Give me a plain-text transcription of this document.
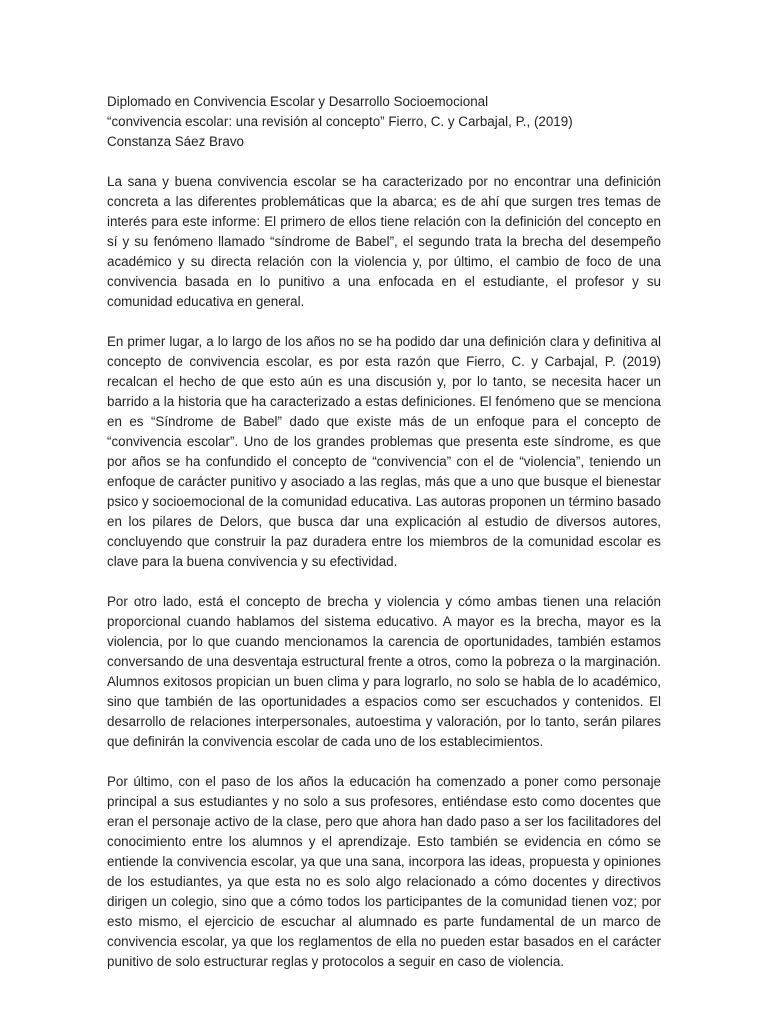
Diplomado en Convivencia Escolar y Desarrollo Socioemocional
“convivencia escolar: una revisión al concepto” Fierro, C. y Carbajal, P., (2019)
Constanza Sáez Bravo

La sana y buena convivencia escolar se ha caracterizado por no encontrar una definición concreta a las diferentes problemáticas que la abarca; es de ahí que surgen tres temas de interés para este informe: El primero de ellos tiene relación con la definición del concepto en sí y su fenómeno llamado “síndrome de Babel”, el segundo trata la brecha del desempeño académico y su directa relación con la violencia y, por último, el cambio de foco de una convivencia basada en lo punitivo a una enfocada en el estudiante, el profesor y su comunidad educativa en general.

En primer lugar, a lo largo de los años no se ha podido dar una definición clara y definitiva al concepto de convivencia escolar, es por esta razón que Fierro, C. y Carbajal, P. (2019) recalcan el hecho de que esto aún es una discusión y, por lo tanto, se necesita hacer un barrido a la historia que ha caracterizado a estas definiciones. El fenómeno que se menciona en es “Síndrome de Babel” dado que existe más de un enfoque para el concepto de “convivencia escolar”. Uno de los grandes problemas que presenta este síndrome, es que por años se ha confundido el concepto de “convivencia” con el de “violencia”, teniendo un enfoque de carácter punitivo y asociado a las reglas, más que a uno que busque el bienestar psico y socioemocional de la comunidad educativa. Las autoras proponen un término basado en los pilares de Delors, que busca dar una explicación al estudio de diversos autores, concluyendo que construir la paz duradera entre los miembros de la comunidad escolar es clave para la buena convivencia y su efectividad.

Por otro lado, está el concepto de brecha y violencia y cómo ambas tienen una relación proporcional cuando hablamos del sistema educativo. A mayor es la brecha, mayor es la violencia, por lo que cuando mencionamos la carencia de oportunidades, también estamos conversando de una desventaja estructural frente a otros, como la pobreza o la marginación. Alumnos exitosos propician un buen clima y para lograrlo, no solo se habla de lo académico, sino que también de las oportunidades a espacios como ser escuchados y contenidos. El desarrollo de relaciones interpersonales, autoestima y valoración, por lo tanto, serán pilares que definirán la convivencia escolar de cada uno de los establecimientos.

Por último, con el paso de los años la educación ha comenzado a poner como personaje principal a sus estudiantes y no solo a sus profesores, entiéndase esto como docentes que eran el personaje activo de la clase, pero que ahora han dado paso a ser los facilitadores del conocimiento entre los alumnos y el aprendizaje. Esto también se evidencia en cómo se entiende la convivencia escolar, ya que una sana, incorpora las ideas, propuesta y opiniones de los estudiantes, ya que esta no es solo algo relacionado a cómo docentes y directivos dirigen un colegio, sino que a cómo todos los participantes de la comunidad tienen voz; por esto mismo, el ejercicio de escuchar al alumnado es parte fundamental de un marco de convivencia escolar, ya que los reglamentos de ella no pueden estar basados en el carácter punitivo de solo estructurar reglas y protocolos a seguir en caso de violencia.
